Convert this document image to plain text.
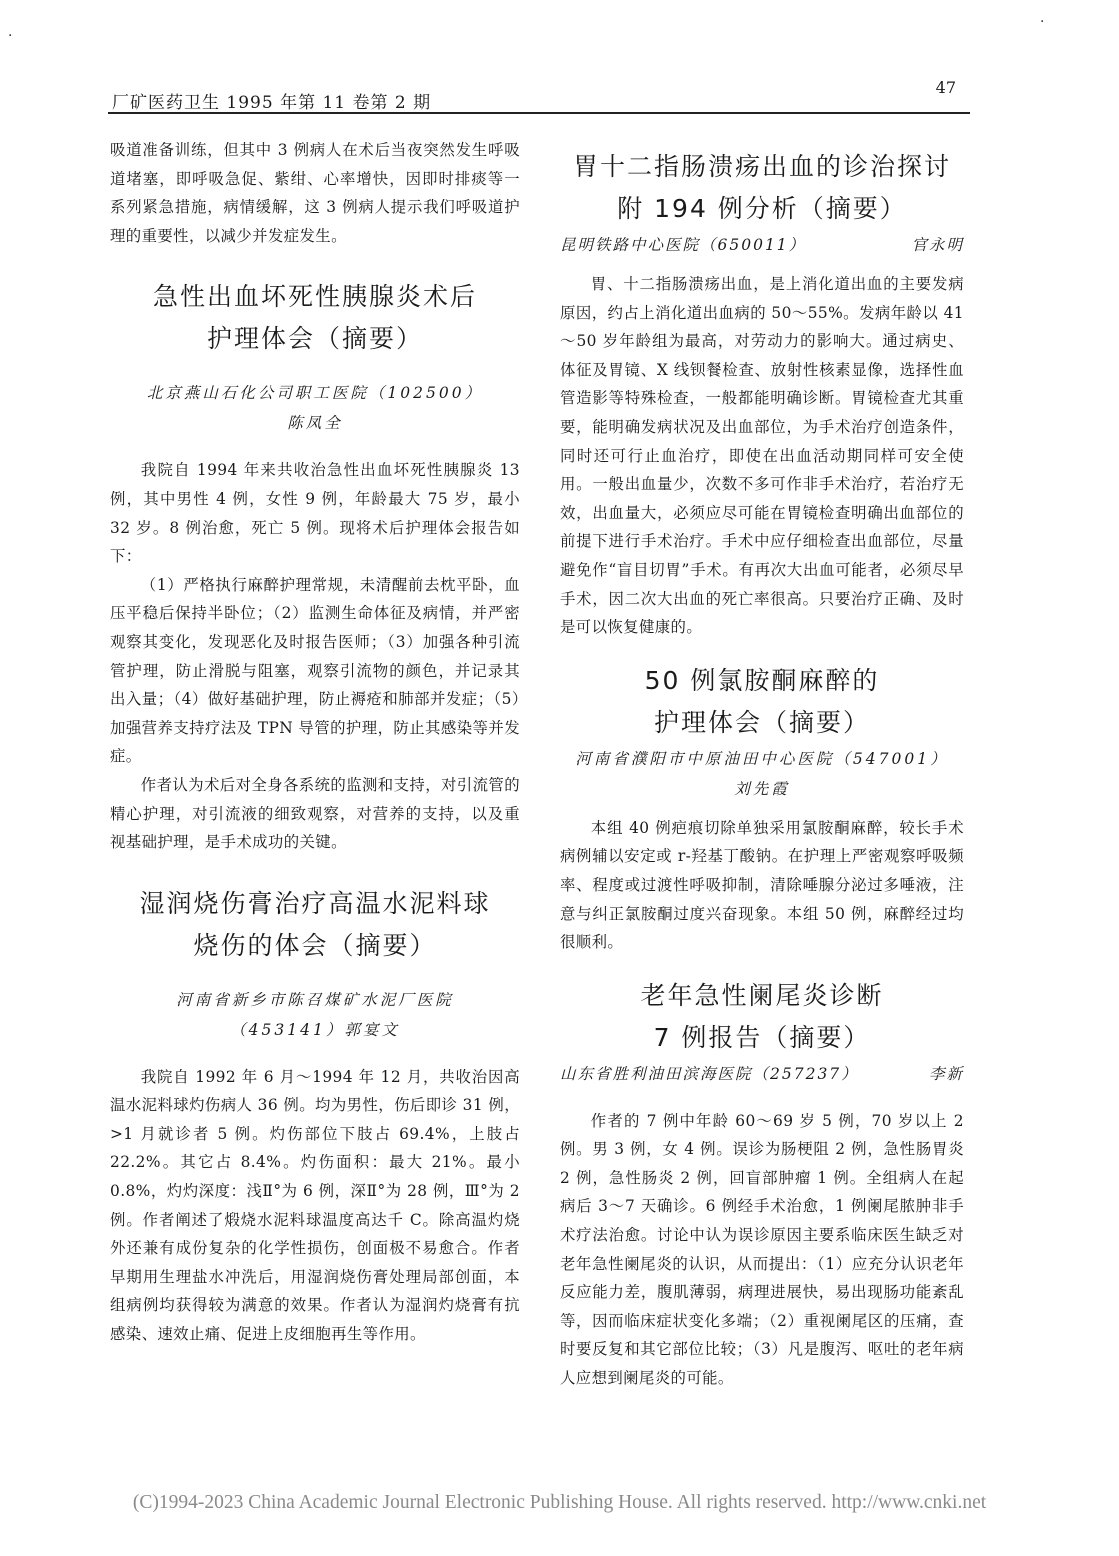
·
·
厂矿医药卫生 1995 年第 11 卷第 2 期
47

吸道准备训练，但其中 3 例病人在术后当夜突然发生呼吸道堵塞，即呼吸急促、紫绀、心率增快，因即时排痰等一系列紧急措施，病情缓解，这 3 例病人提示我们呼吸道护理的重要性，以减少并发症发生。

急性出血坏死性胰腺炎术后
护理体会（摘要）
北京燕山石化公司职工医院（102500）
陈凤全

我院自 1994 年来共收治急性出血坏死性胰腺炎 13 例，其中男性 4 例，女性 9 例，年龄最大 75 岁，最小 32 岁。8 例治愈，死亡 5 例。现将术后护理体会报告如下：

（1）严格执行麻醉护理常规，未清醒前去枕平卧，血压平稳后保持半卧位；（2）监测生命体征及病情，并严密观察其变化，发现恶化及时报告医师；（3）加强各种引流管护理，防止滑脱与阻塞，观察引流物的颜色，并记录其出入量；（4）做好基础护理，防止褥疮和肺部并发症；（5）加强营养支持疗法及 TPN 导管的护理，防止其感染等并发症。

作者认为术后对全身各系统的监测和支持，对引流管的精心护理，对引流液的细致观察，对营养的支持，以及重视基础护理，是手术成功的关键。

湿润烧伤膏治疗高温水泥料球
烧伤的体会（摘要）
河南省新乡市陈召煤矿水泥厂医院
（453141）郭宴文

我院自 1992 年 6 月～1994 年 12 月，共收治因高温水泥料球灼伤病人 36 例。均为男性，伤后即诊 31 例，>1 月就诊者 5 例。灼伤部位下肢占 69.4%，上肢占 22.2%。其它占 8.4%。灼伤面积：最大 21%。最小 0.8%，灼灼深度：浅Ⅱ°为 6 例，深Ⅱ°为 28 例，Ⅲ°为 2 例。作者阐述了煅烧水泥料球温度高达千 C。除高温灼烧外还兼有成份复杂的化学性损伤，创面极不易愈合。作者早期用生理盐水冲洗后，用湿润烧伤膏处理局部创面，本组病例均获得较为满意的效果。作者认为湿润灼烧膏有抗感染、速效止痛、促进上皮细胞再生等作用。

胃十二指肠溃疡出血的诊治探讨
附 194 例分析（摘要）
昆明铁路中心医院（650011）	官永明

胃、十二指肠溃疡出血，是上消化道出血的主要发病原因，约占上消化道出血病的 50～55%。发病年龄以 41～50 岁年龄组为最高，对劳动力的影响大。通过病史、体征及胃镜、X 线钡餐检查、放射性核素显像，选择性血管造影等特殊检查，一般都能明确诊断。胃镜检查尤其重要，能明确发病状况及出血部位，为手术治疗创造条件，同时还可行止血治疗，即使在出血活动期同样可安全使用。一般出血量少，次数不多可作非手术治疗，若治疗无效，出血量大，必须应尽可能在胃镜检查明确出血部位的前提下进行手术治疗。手术中应仔细检查出血部位，尽量避免作“盲目切胃”手术。有再次大出血可能者，必须尽早手术，因二次大出血的死亡率很高。只要治疗正确、及时是可以恢复健康的。

50 例氯胺酮麻醉的
护理体会（摘要）
河南省濮阳市中原油田中心医院（547001）
刘先霞

本组 40 例疤痕切除单独采用氯胺酮麻醉，较长手术病例辅以安定或 r-羟基丁酸钠。在护理上严密观察呼吸频率、程度或过渡性呼吸抑制，清除唾腺分泌过多唾液，注意与纠正氯胺酮过度兴奋现象。本组 50 例，麻醉经过均很顺利。

老年急性阑尾炎诊断
7 例报告（摘要）
山东省胜利油田滨海医院（257237）	李新

作者的 7 例中年龄 60～69 岁 5 例，70 岁以上 2 例。男 3 例，女 4 例。误诊为肠梗阻 2 例，急性肠胃炎 2 例，急性肠炎 2 例，回盲部肿瘤 1 例。全组病人在起病后 3～7 天确诊。6 例经手术治愈，1 例阑尾脓肿非手术疗法治愈。讨论中认为误诊原因主要系临床医生缺乏对老年急性阑尾炎的认识，从而提出：（1）应充分认识老年反应能力差，腹肌薄弱，病理进展快，易出现肠功能紊乱等，因而临床症状变化多端；（2）重视阑尾区的压痛，查时要反复和其它部位比较；（3）凡是腹泻、呕吐的老年病人应想到阑尾炎的可能。

(C)1994-2023 China Academic Journal Electronic Publishing House. All rights reserved. http://www.cnki.net
